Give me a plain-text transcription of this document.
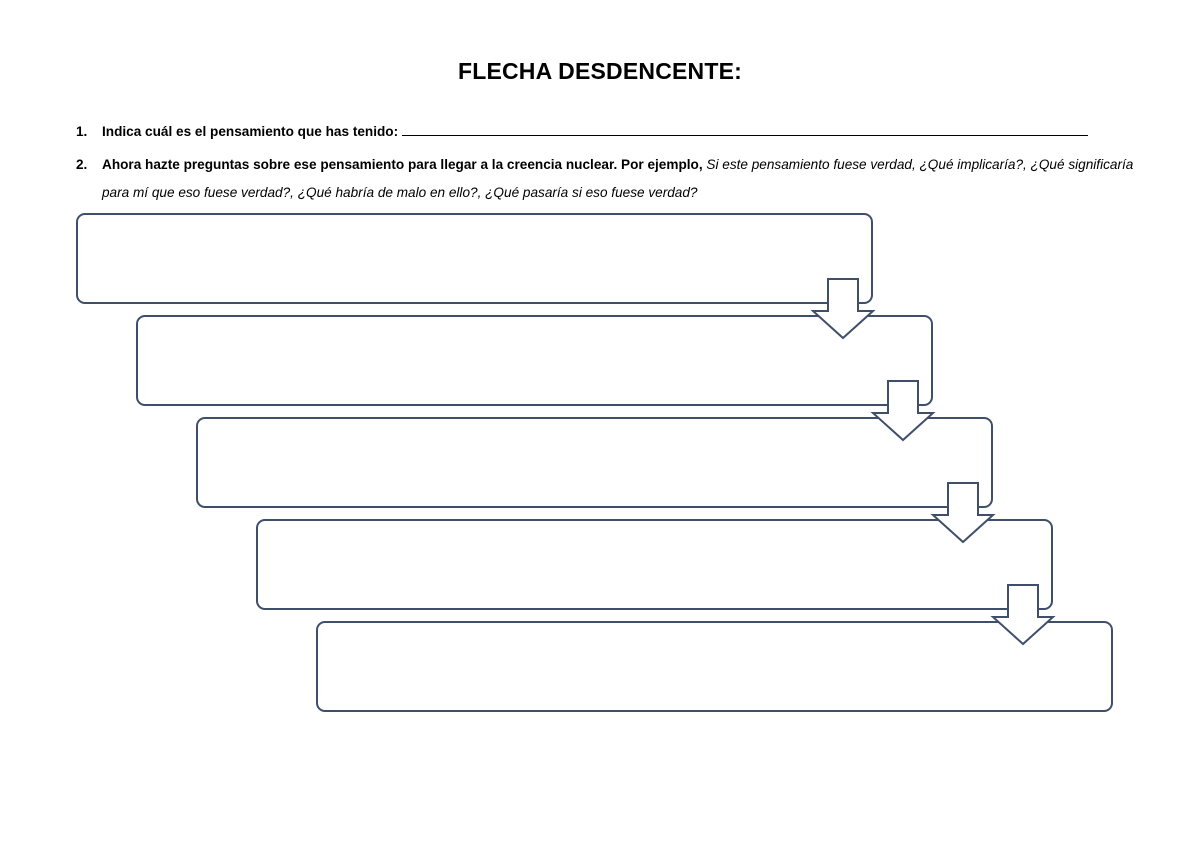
FLECHA DESDENCENTE:
1. Indica cuál es el pensamiento que has tenido:
2. Ahora hazte preguntas sobre ese pensamiento para llegar a la creencia nuclear. Por ejemplo, Si este pensamiento fuese verdad, ¿Qué implicaría?, ¿Qué significaría para mí que eso fuese verdad?, ¿Qué habría de malo en ello?, ¿Qué pasaría si eso fuese verdad?
